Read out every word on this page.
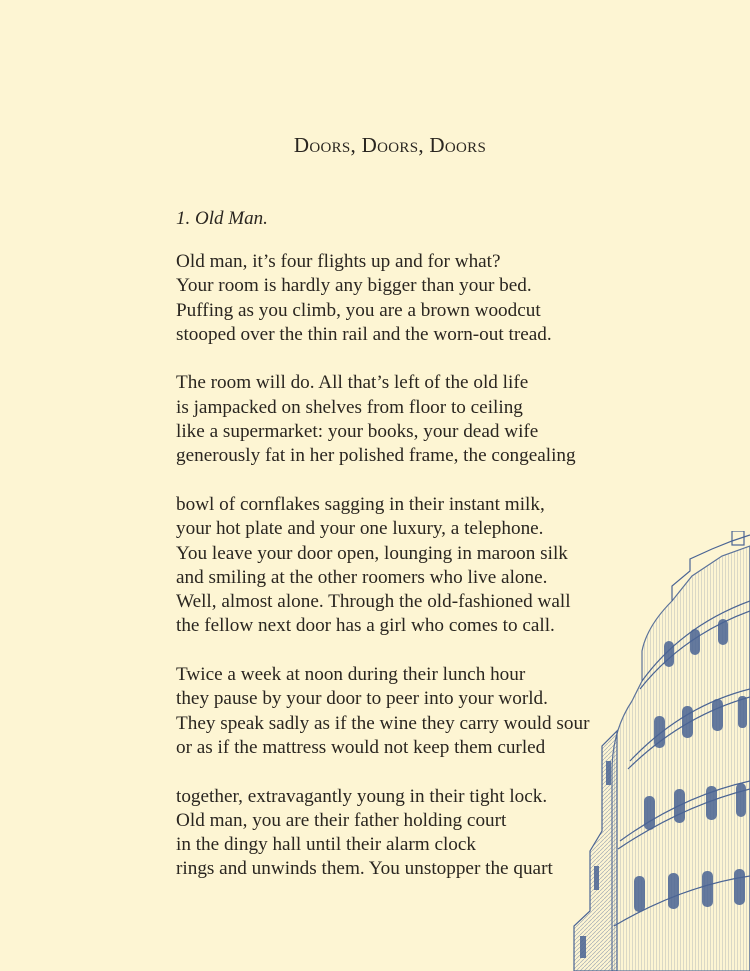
Doors, Doors, Doors

1. Old Man.

Old man, it’s four flights up and for what?
Your room is hardly any bigger than your bed.
Puffing as you climb, you are a brown woodcut
stooped over the thin rail and the worn-out tread.

The room will do. All that’s left of the old life
is jampacked on shelves from floor to ceiling
like a supermarket: your books, your dead wife
generously fat in her polished frame, the congealing

bowl of cornflakes sagging in their instant milk,
your hot plate and your one luxury, a telephone.
You leave your door open, lounging in maroon silk
and smiling at the other roomers who live alone.
Well, almost alone. Through the old-fashioned wall
the fellow next door has a girl who comes to call.

Twice a week at noon during their lunch hour
they pause by your door to peer into your world.
They speak sadly as if the wine they carry would sour
or as if the mattress would not keep them curled

together, extravagantly young in their tight lock.
Old man, you are their father holding court
in the dingy hall until their alarm clock
rings and unwinds them. You unstopper the quart
